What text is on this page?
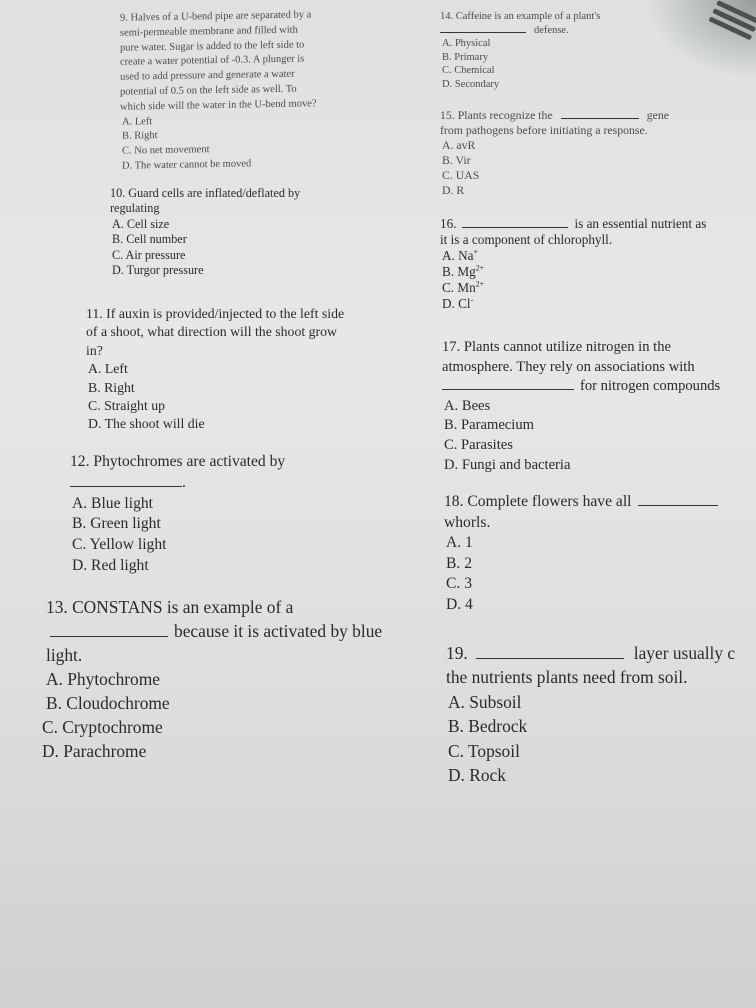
9. Halves of a U-bend pipe are separated by a
semi-permeable membrane and filled with
pure water. Sugar is added to the left side to
create a water potential of -0.3. A plunger is
used to add pressure and generate a water
potential of 0.5 on the left side as well. To
which side will the water in the U-bend move?
A. Left
B. Right
C. No net movement
D. The water cannot be moved
10. Guard cells are inflated/deflated by
regulating
A. Cell size
B. Cell number
C. Air pressure
D. Turgor pressure
11. If auxin is provided/injected to the left side
of a shoot, what direction will the shoot grow
in?
A. Left
B. Right
C. Straight up
D. The shoot will die
12. Phytochromes are activated by
.
A. Blue light
B. Green light
C. Yellow light
D. Red light
13. CONSTANS is an example of a
because it is activated by blue
light.
A. Phytochrome
B. Cloudochrome
C. Cryptochrome
D. Parachrome
14. Caffeine is an example of a plant's
defense.
A. Physical
B. Primary
C. Chemical
D. Secondary
15. Plants recognize the	gene
from pathogens before initiating a response.
A. avR
B. Vir
C. UAS
D. R
16.	is an essential nutrient as
it is a component of chlorophyll.
A. Na+
B. $Mg^{2+}$
C. $Mn^{2+}$
D. Cl-
17. Plants cannot utilize nitrogen in the
atmosphere. They rely on associations with
for nitrogen compounds
A. Bees
B. Paramecium
C. Parasites
D. Fungi and bacteria
18. Complete flowers have all
whorls.
A. 1
B. 2
C. 3
D. 4
19.	layer usually c
the nutrients plants need from soil.
A. Subsoil
B. Bedrock
C. Topsoil
D. Rock
